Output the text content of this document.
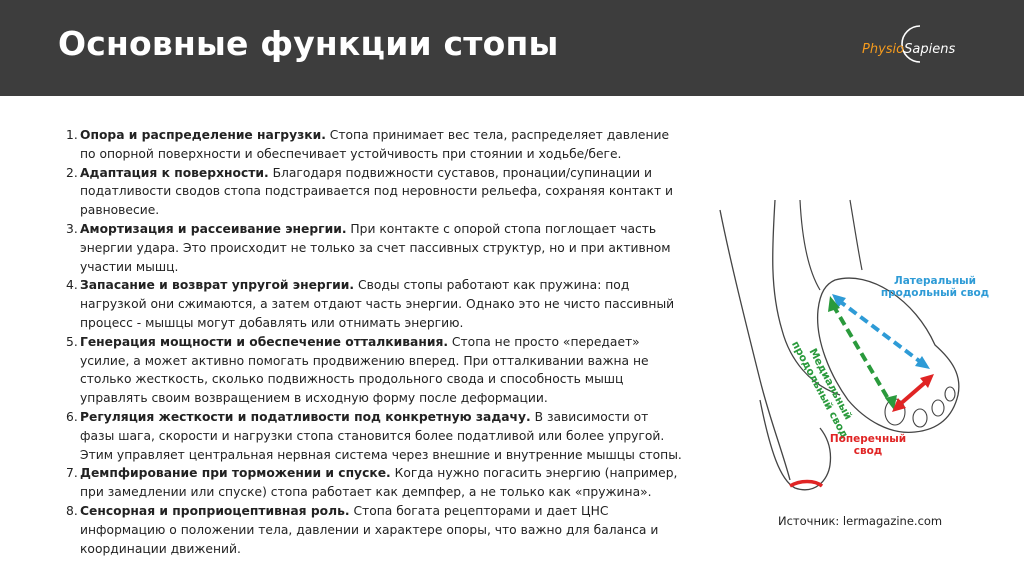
Основные функции стопы	PhysioSapiens
1. Опора и распределение нагрузки. Стопа принимает вес тела, распределяет давление по опорной поверхности и обеспечивает устойчивость при стоянии и ходьбе/беге.
2. Адаптация к поверхности. Благодаря подвижности суставов, пронации/супинации и податливости сводов стопа подстраивается под неровности рельефа, сохраняя контакт и равновесие.
3. Амортизация и рассеивание энергии. При контакте с опорой стопа поглощает часть энергии удара. Это происходит не только за счет пассивных структур, но и при активном участии мышц.
4. Запасание и возврат упругой энергии. Своды стопы работают как пружина: под нагрузкой они сжимаются, а затем отдают часть энергии. Однако это не чисто пассивный процесс - мышцы могут добавлять или отнимать энергию.
5. Генерация мощности и обеспечение отталкивания. Стопа не просто «передает» усилие, а может активно помогать продвижению вперед. При отталкивании важна не столько жесткость, сколько подвижность продольного свода и способность мышц управлять своим возвращением в исходную форму после деформации.
6. Регуляция жесткости и податливости под конкретную задачу. В зависимости от фазы шага, скорости и нагрузки стопа становится более податливой или более упругой. Этим управляет центральная нервная система через внешние и внутренние мышцы стопы.
7. Демпфирование при торможении и спуске. Когда нужно погасить энергию (например, при замедлении или спуске) стопа работает как демпфер, а не только как «пружина».
8. Сенсорная и проприоцептивная роль. Стопа богата рецепторами и дает ЦНС информацию о положении тела, давлении и характере опоры, что важно для баланса и координации движений.
Латеральный продольный свод
Медиальный продольный свод
Поперечный свод
Источник: lermagazine.com
